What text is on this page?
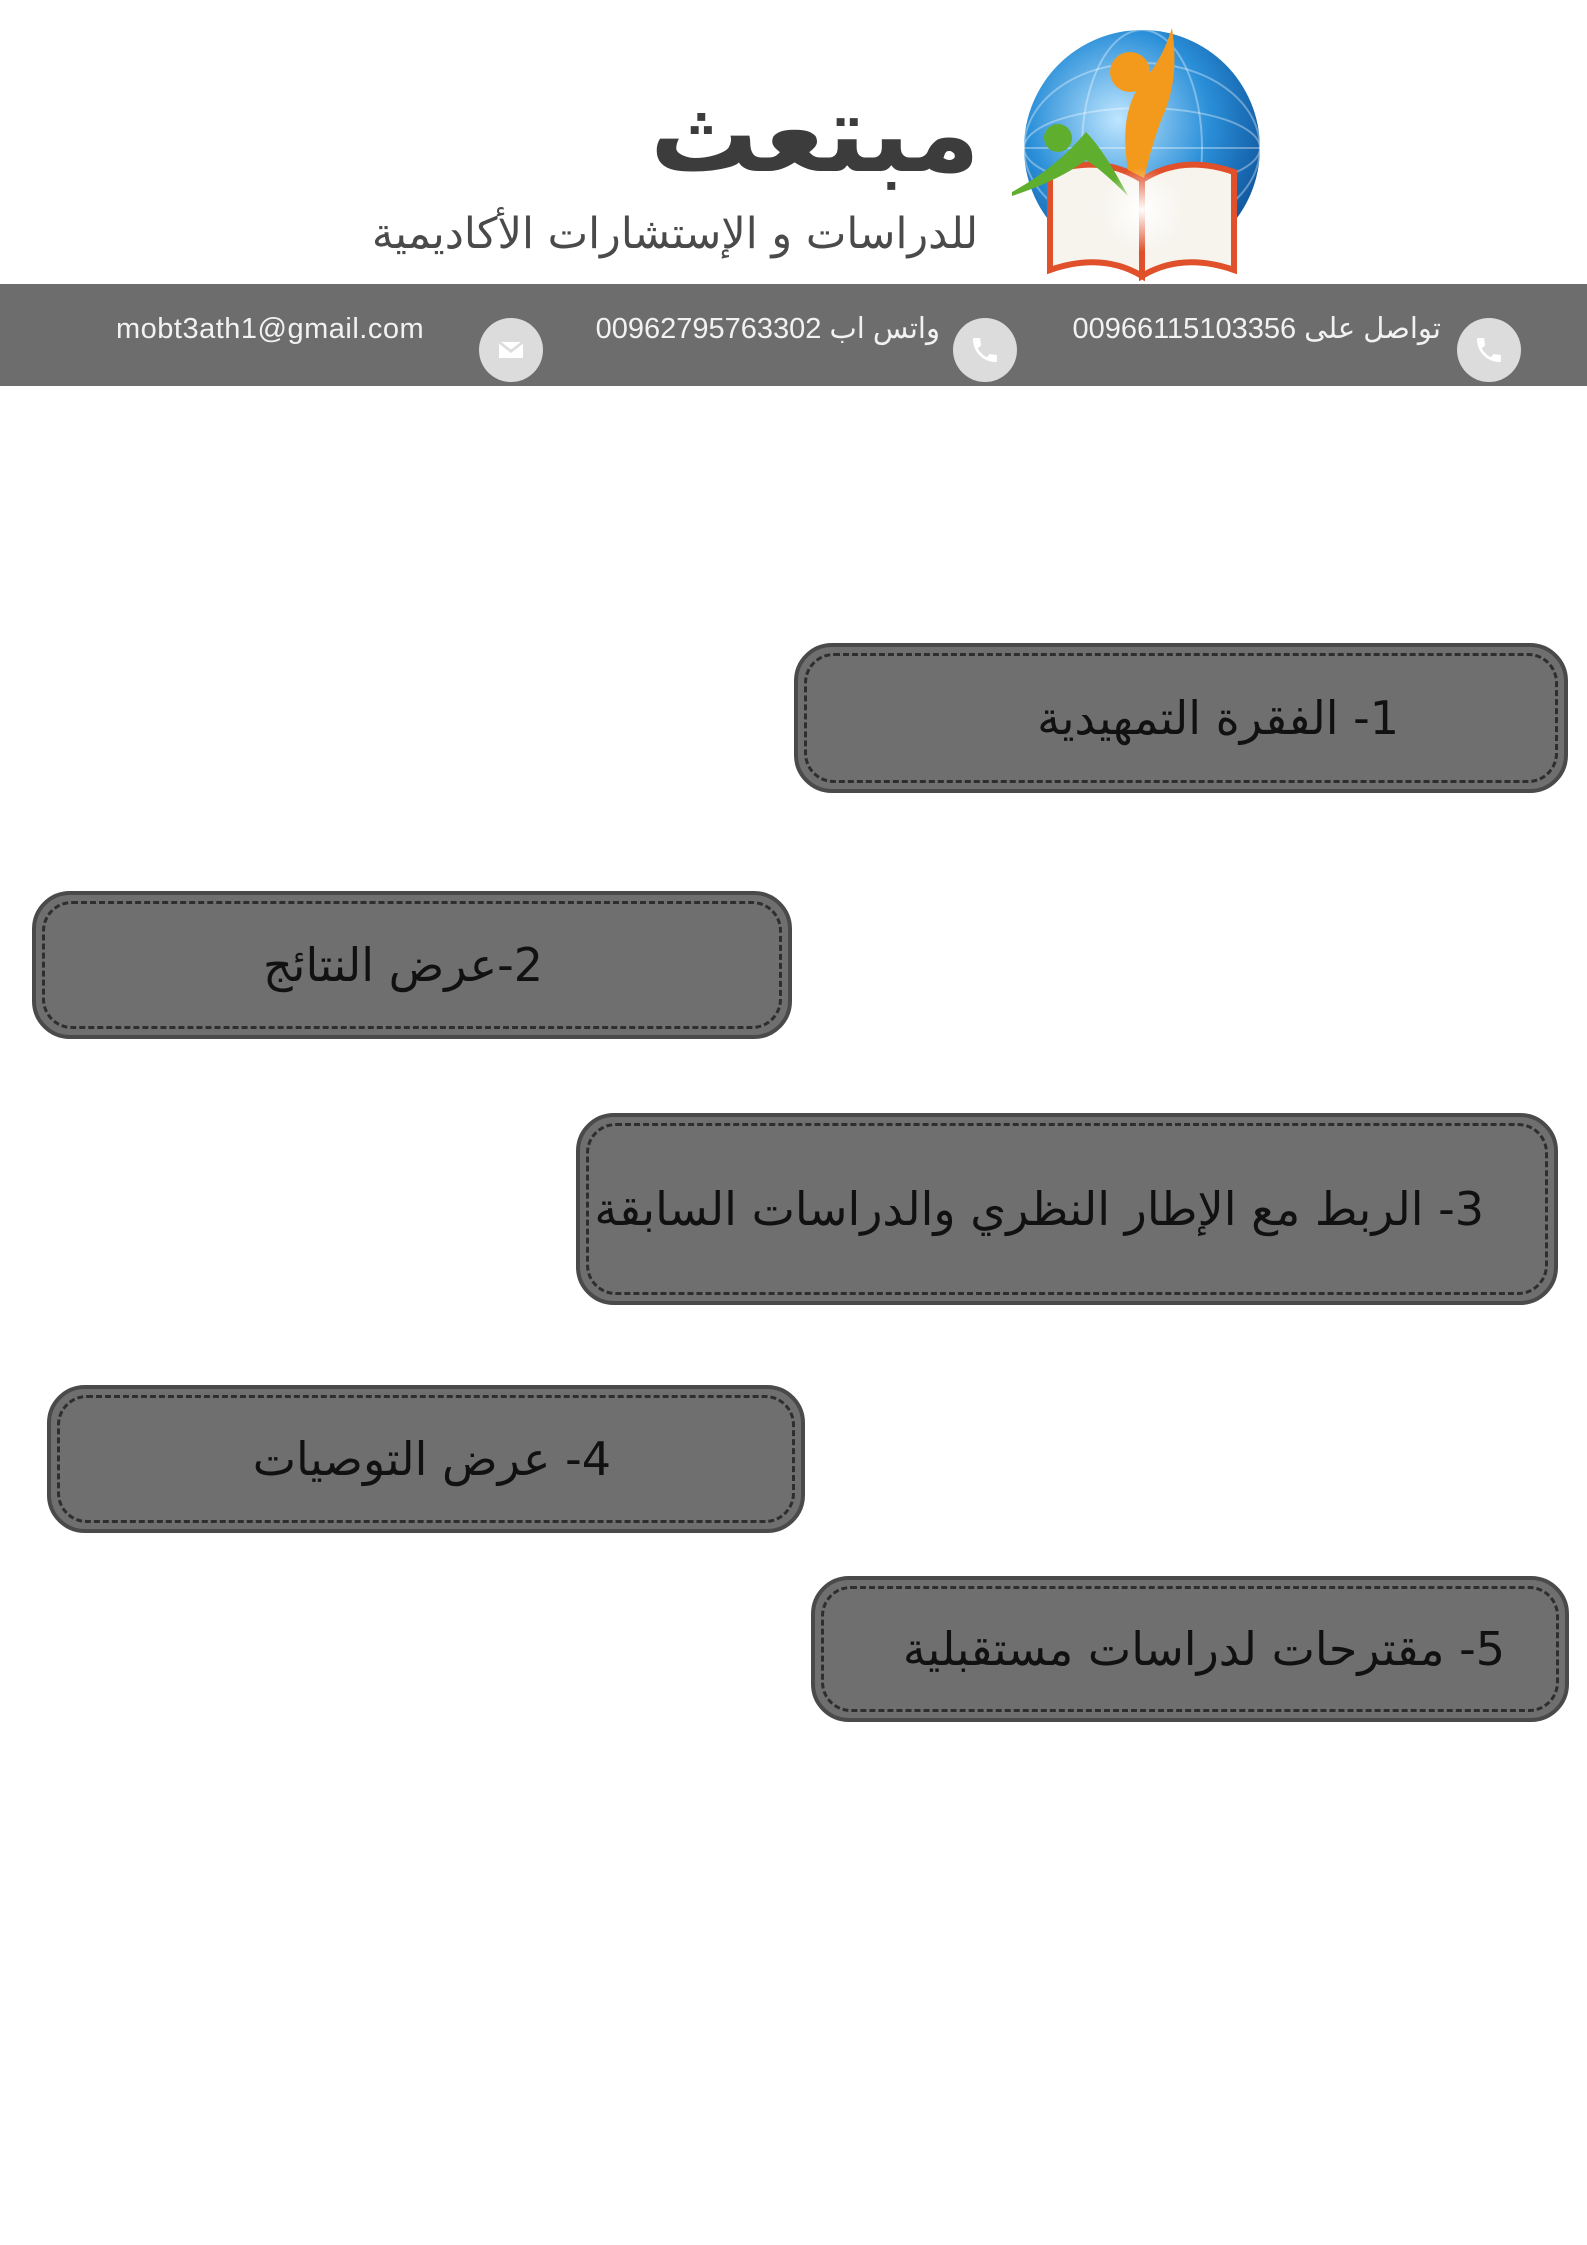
مبتعث
للدراسات و الإستشارات الأكاديمية
تواصل على 00966115103356
واتس اب 00962795763302
mobt3ath1@gmail.com
1- الفقرة التمهيدية
2-عرض النتائج
3- الربط مع الإطار النظري والدراسات السابقة
4- عرض التوصيات
5- مقترحات لدراسات مستقبلية
